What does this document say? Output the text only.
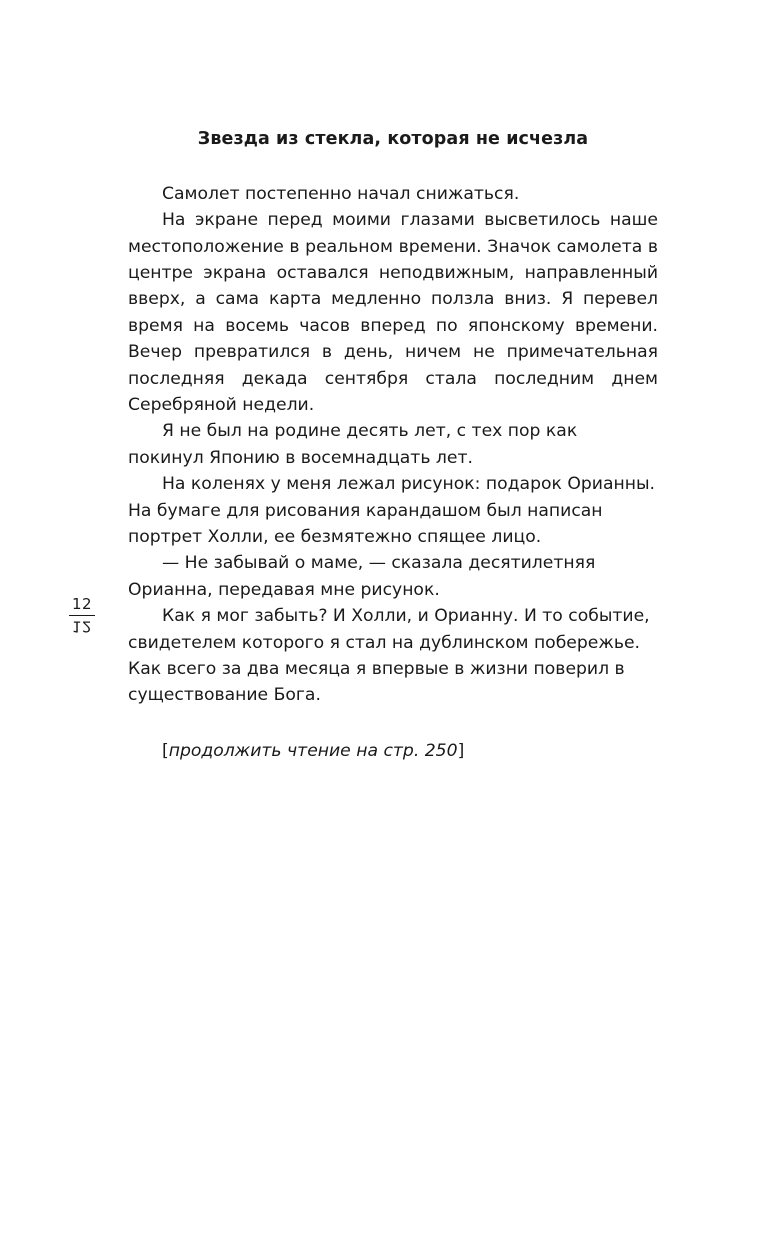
12
12
Звезда из стекла, которая не исчезла

Самолет постепенно начал снижаться.

На экране перед моими глазами высветилось наше местоположение в реальном времени. Значок самолета в центре экрана оставался неподвижным, направленный вверх, а сама карта медленно ползла вниз. Я перевел время на восемь часов вперед по японскому времени. Вечер превратился в день, ничем не примечательная последняя декада сентября стала последним днем Серебряной недели.

Я не был на родине десять лет, с тех пор как покинул Японию в восемнадцать лет.

На коленях у меня лежал рисунок: подарок Орианны. На бумаге для рисования карандашом был написан портрет Холли, ее безмятежно спящее лицо.

— Не забывай о маме, — сказала десятилетняя Орианна, передавая мне рисунок.

Как я мог забыть? И Холли, и Орианну. И то событие, свидетелем которого я стал на дублинском побережье. Как всего за два месяца я впервые в жизни поверил в существование Бога.

[продолжить чтение на стр. 250]
